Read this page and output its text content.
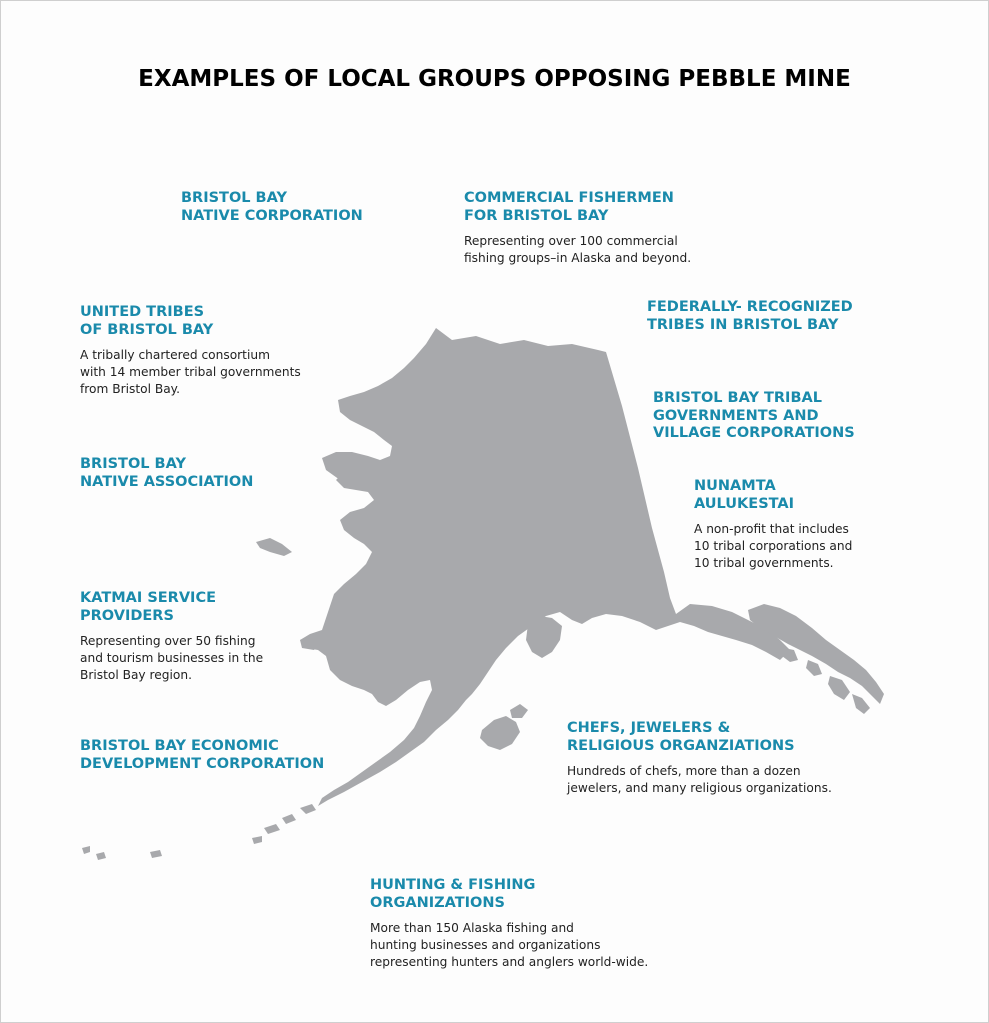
EXAMPLES OF LOCAL GROUPS OPPOSING PEBBLE MINE

BRISTOL BAY
NATIVE CORPORATION

COMMERCIAL FISHERMEN
FOR BRISTOL BAY

Representing over 100 commercial
fishing groups–in Alaska and beyond.

UNITED TRIBES
OF BRISTOL BAY

A tribally chartered consortium
with 14 member tribal governments
from Bristol Bay.

FEDERALLY- RECOGNIZED
TRIBES IN BRISTOL BAY

BRISTOL BAY TRIBAL
GOVERNMENTS AND
VILLAGE CORPORATIONS

BRISTOL BAY
NATIVE ASSOCIATION	NUNAMTA
AULUKESTAI

A non-profit that includes
10 tribal corporations and
10 tribal governments.

KATMAI SERVICE
PROVIDERS

Representing over 50 fishing
and tourism businesses in the
Bristol Bay region.

CHEFS, JEWELERS &
RELIGIOUS ORGANZIATIONS

Hundreds of chefs, more than a dozen
jewelers, and many religious organizations.

BRISTOL BAY ECONOMIC
DEVELOPMENT CORPORATION

HUNTING & FISHING
ORGANIZATIONS

More than 150 Alaska fishing and
hunting businesses and organizations
representing hunters and anglers world-wide.
